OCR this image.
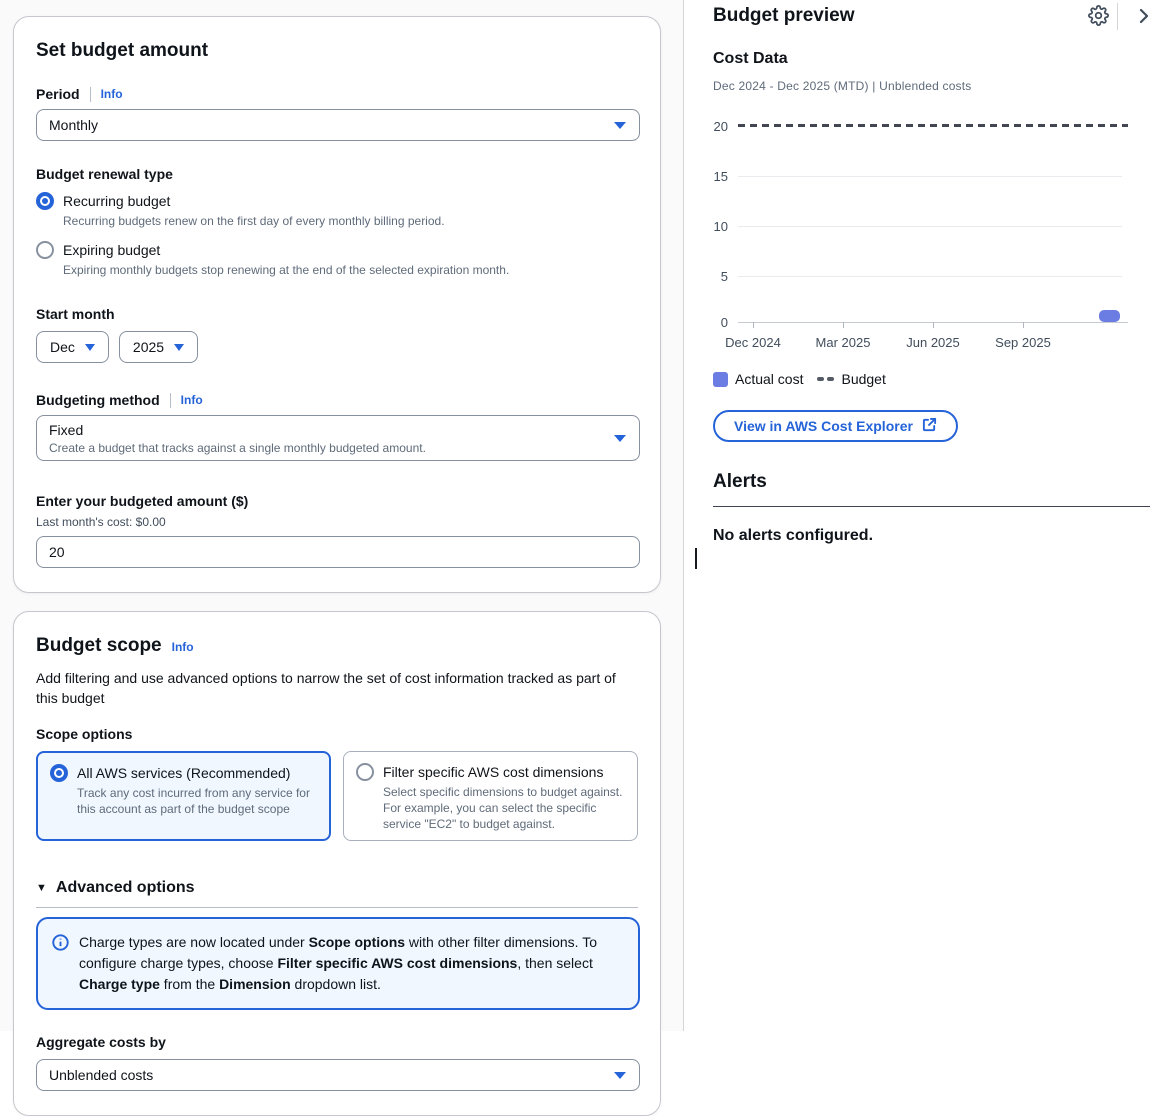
Set budget amount
Period Info
Monthly
Budget renewal type
Recurring budget
Recurring budgets renew on the first day of every monthly billing period.
Expiring budget
Expiring monthly budgets stop renewing at the end of the selected expiration month.
Start month
Dec	2025
Budgeting method Info
Fixed
Create a budget that tracks against a single monthly budgeted amount.
Enter your budgeted amount ($)
Last month's cost: $0.00
20
Budget scope Info

Add filtering and use advanced options to narrow the set of cost information tracked as part of this budget

Scope options
All AWS services (Recommended)
Track any cost incurred from any service for this account as part of the budget scope
Filter specific AWS cost dimensions
Select specific dimensions to budget against. For example, you can select the specific service "EC2" to budget against.
▼ Advanced options
Charge types are now located under Scope options with other filter dimensions. To configure charge types, choose Filter specific AWS cost dimensions, then select Charge type from the Dimension dropdown list.
Aggregate costs by
Unblended costs
Budget preview
Cost Data
Dec 2024 - Dec 2025 (MTD) | Unblended costs
20
15
10
5
0
Dec 2024	Mar 2025	Jun 2025	Sep 2025
Actual cost	Budget
View in AWS Cost Explorer
Alerts
No alerts configured.
